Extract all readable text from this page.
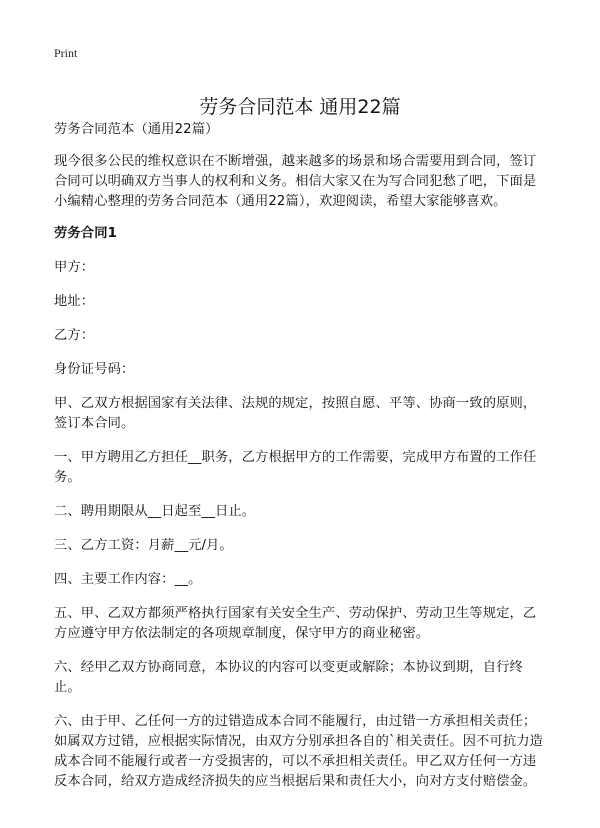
Print
劳务合同范本 通用22篇

劳务合同范本（通用22篇）

现今很多公民的维权意识在不断增强，越来越多的场景和场合需要用到合同，签订合同可以明确双方当事人的权利和义务。相信大家又在为写合同犯愁了吧，下面是小编精心整理的劳务合同范本（通用22篇），欢迎阅读，希望大家能够喜欢。

劳务合同1

甲方：

地址：

乙方：

身份证号码：

甲、乙双方根据国家有关法律、法规的规定，按照自愿、平等、协商一致的原则，签订本合同。

一、甲方聘用乙方担任__职务，乙方根据甲方的工作需要，完成甲方布置的工作任务。

二、聘用期限从__日起至__日止。

三、乙方工资：月薪__元/月。

四、主要工作内容：__。

五、甲、乙双方都须严格执行国家有关安全生产、劳动保护、劳动卫生等规定，乙方应遵守甲方依法制定的各项规章制度，保守甲方的商业秘密。

六、经甲乙双方协商同意，本协议的内容可以变更或解除；本协议到期，自行终止。

六、由于甲、乙任何一方的过错造成本合同不能履行，由过错一方承担相关责任；如属双方过错，应根据实际情况，由双方分别承担各自的`相关责任。因不可抗力造成本合同不能履行或者一方受损害的，可以不承担相关责任。甲乙双方任何一方违反本合同，给双方造成经济损失的应当根据后果和责任大小，向对方支付赔偿金。
